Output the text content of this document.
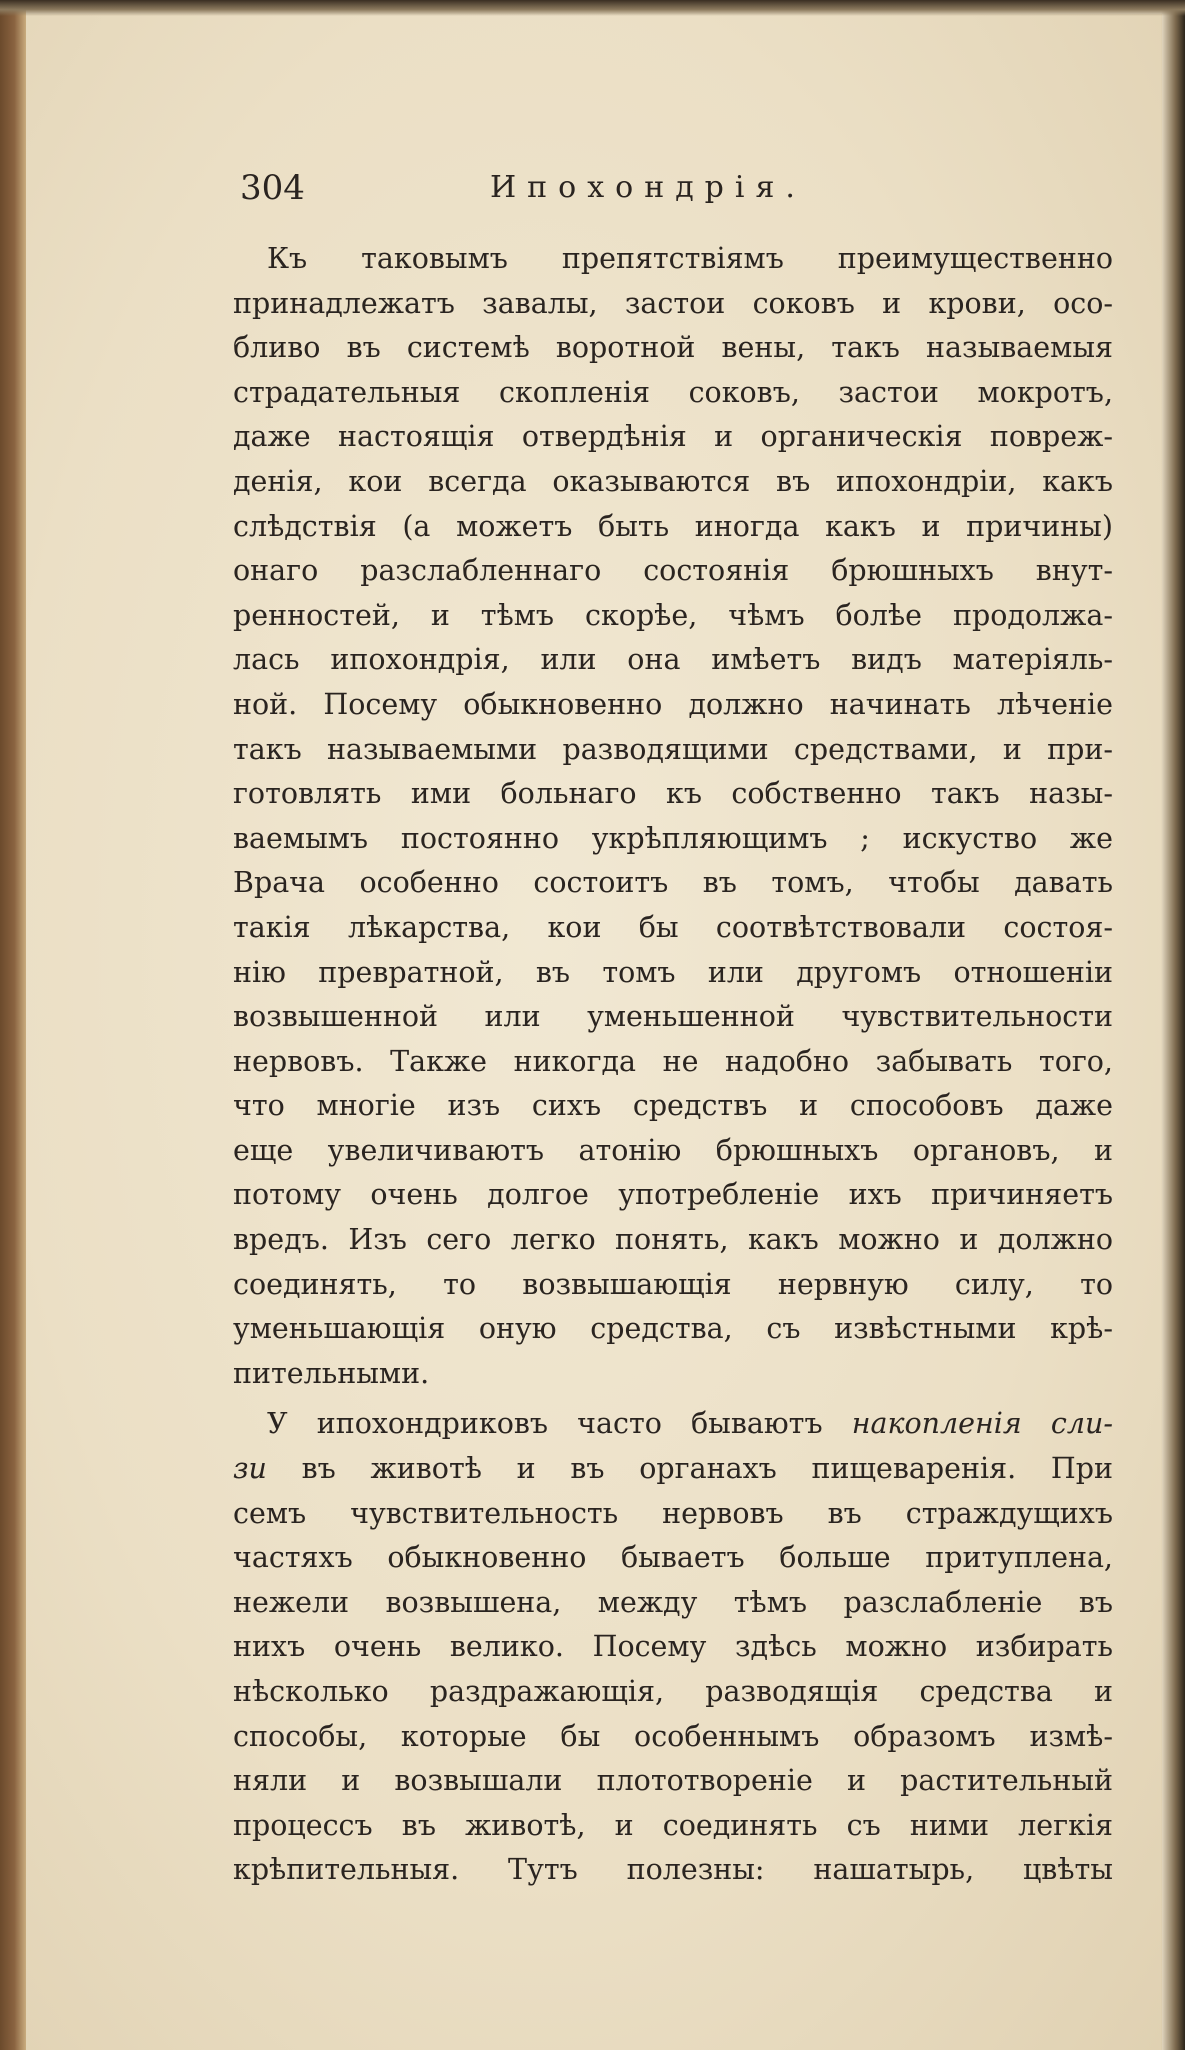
304	Ипохондрія.
Къ таковымъ препятствіямъ преимущественно
принадлежатъ завалы, застои соковъ и крови, осо-
бливо въ системѣ воротной вены, такъ называемыя
страдательныя скопленія соковъ, застои мокротъ,
даже настоящія отвердѣнія и органическія повреж-
денія, кои всегда оказываются въ ипохондріи, какъ
слѣдствія (а можетъ быть иногда какъ и причины)
онаго разслабленнаго состоянія брюшныхъ внут-
ренностей, и тѣмъ скорѣе, чѣмъ болѣе продолжа-
лась ипохондрія, или она имѣетъ видъ матеріяль-
ной. Посему обыкновенно должно начинать лѣченіе
такъ называемыми разводящими средствами, и при-
готовлять ими больнаго къ собственно такъ назы-
ваемымъ постоянно укрѣпляющимъ ; искуство же
Врача особенно состоитъ въ томъ, чтобы давать
такія лѣкарства, кои бы соотвѣтствовали состоя-
нію превратной, въ томъ или другомъ отношеніи
возвышенной или уменьшенной чувствительности
нервовъ. Также никогда не надобно забывать того,
что многіе изъ сихъ средствъ и способовъ даже
еще увеличиваютъ атонію брюшныхъ органовъ, и
потому очень долгое употребленіе ихъ причиняетъ
вредъ. Изъ сего легко понять, какъ можно и должно
соединять, то возвышающія нервную силу, то
уменьшающія оную средства, съ извѣстными крѣ-
пительными.
У ипохондриковъ часто бываютъ накопленія сли-
зи въ животѣ и въ органахъ пищеваренія. При
семъ чувствительность нервовъ въ страждущихъ
частяхъ обыкновенно бываетъ больше притуплена,
нежели возвышена, между тѣмъ разслабленіе въ
нихъ очень велико. Посему здѣсь можно избирать
нѣсколько раздражающія, разводящія средства и
способы, которые бы особеннымъ образомъ измѣ-
няли и возвышали плототвореніе и растительный
процессъ въ животѣ, и соединять съ ними легкія
крѣпительныя. Тутъ полезны: нашатырь, цвѣты
